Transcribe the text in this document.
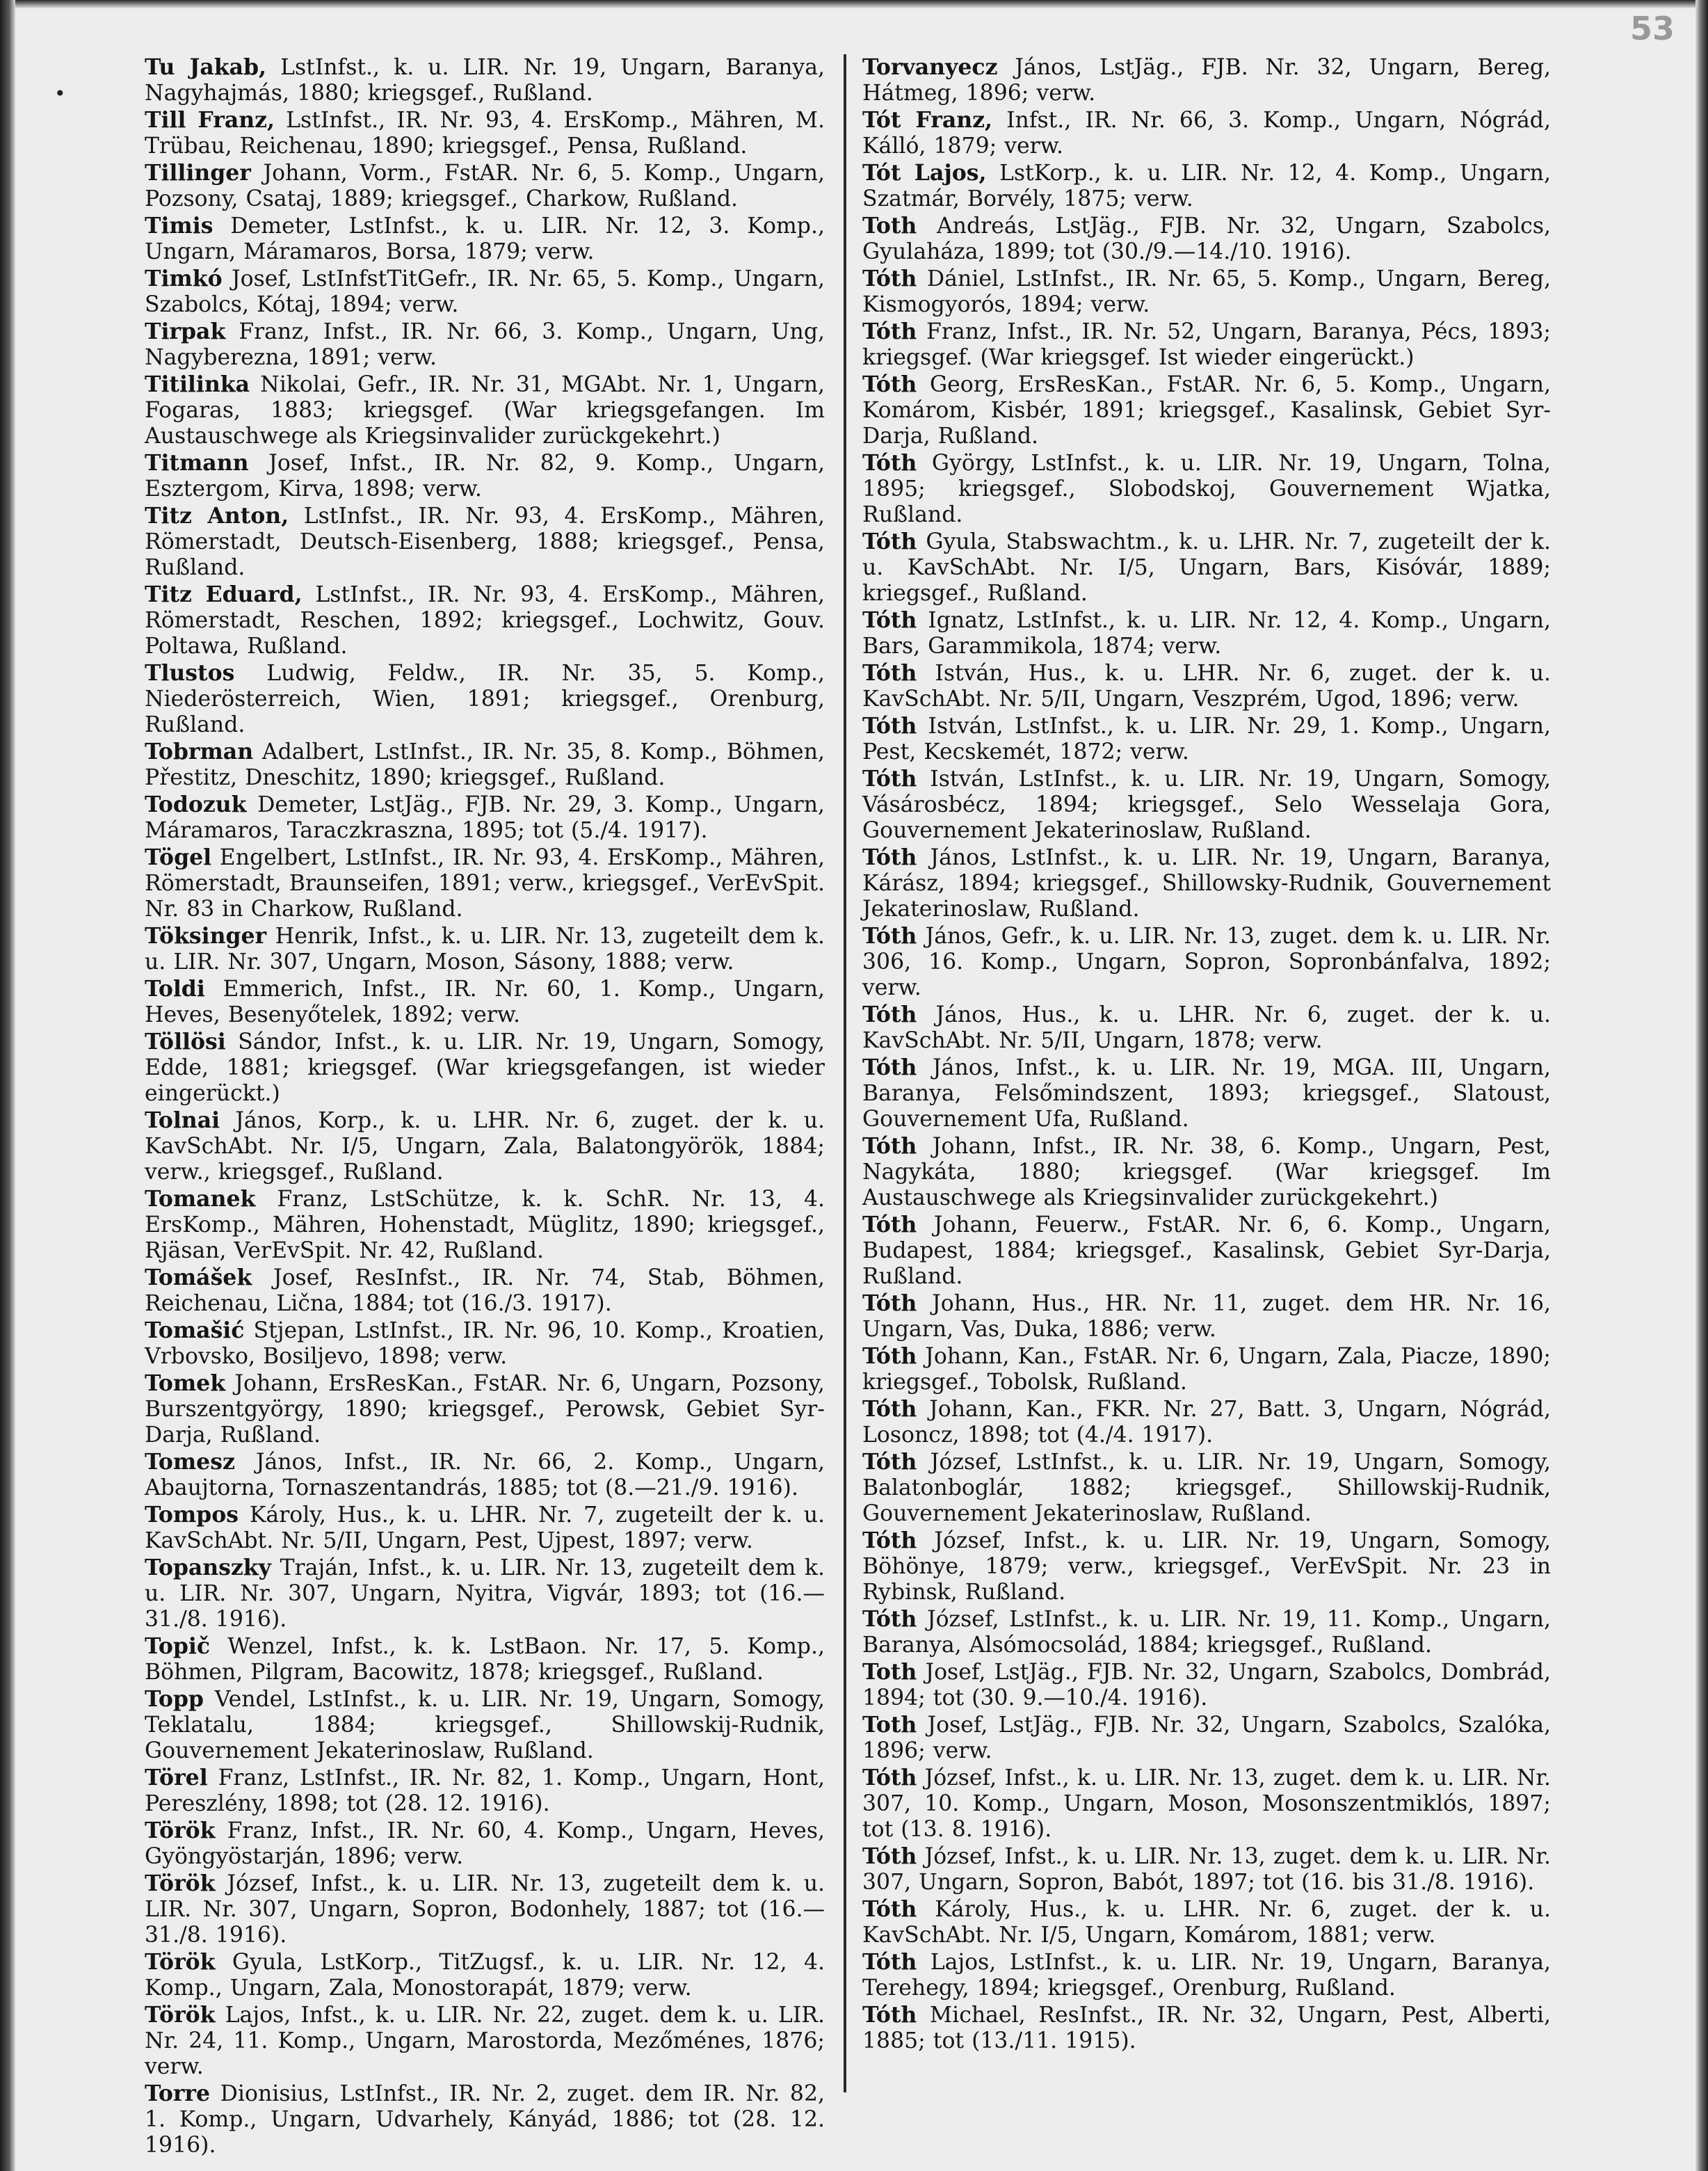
53
•
Tu Jakab, LstInfst., k. u. LIR. Nr. 19, Ungarn, Baranya, Nagyhajmás, 1880; kriegsgef., Rußland.
Till Franz, LstInfst., IR. Nr. 93, 4. ErsKomp., Mähren, M. Trübau, Reichenau, 1890; kriegsgef., Pensa, Rußland.
Tillinger Johann, Vorm., FstAR. Nr. 6, 5. Komp., Ungarn, Pozsony, Csataj, 1889; kriegsgef., Charkow, Rußland.
Timis Demeter, LstInfst., k. u. LIR. Nr. 12, 3. Komp., Ungarn, Máramaros, Borsa, 1879; verw.
Timkó Josef, LstInfstTitGefr., IR. Nr. 65, 5. Komp., Ungarn, Szabolcs, Kótaj, 1894; verw.
Tirpak Franz, Infst., IR. Nr. 66, 3. Komp., Ungarn, Ung, Nagyberezna, 1891; verw.
Titilinka Nikolai, Gefr., IR. Nr. 31, MGAbt. Nr. 1, Ungarn, Fogaras, 1883; kriegsgef. (War kriegsgefangen. Im Austauschwege als Kriegsinvalider zurückgekehrt.)
Titmann Josef, Infst., IR. Nr. 82, 9. Komp., Ungarn, Esztergom, Kirva, 1898; verw.
Titz Anton, LstInfst., IR. Nr. 93, 4. ErsKomp., Mähren, Römerstadt, Deutsch-Eisenberg, 1888; kriegsgef., Pensa, Rußland.
Titz Eduard, LstInfst., IR. Nr. 93, 4. ErsKomp., Mähren, Römerstadt, Reschen, 1892; kriegsgef., Lochwitz, Gouv. Poltawa, Rußland.
Tlustos Ludwig, Feldw., IR. Nr. 35, 5. Komp., Niederösterreich, Wien, 1891; kriegsgef., Orenburg, Rußland.
Tobrman Adalbert, LstInfst., IR. Nr. 35, 8. Komp., Böhmen, Přestitz, Dneschitz, 1890; kriegsgef., Rußland.
Todozuk Demeter, LstJäg., FJB. Nr. 29, 3. Komp., Ungarn, Máramaros, Taraczkraszna, 1895; tot (5./4. 1917).
Tögel Engelbert, LstInfst., IR. Nr. 93, 4. ErsKomp., Mähren, Römerstadt, Braunseifen, 1891; verw., kriegsgef., VerEvSpit. Nr. 83 in Charkow, Rußland.
Töksinger Henrik, Infst., k. u. LIR. Nr. 13, zugeteilt dem k. u. LIR. Nr. 307, Ungarn, Moson, Sásony, 1888; verw.
Toldi Emmerich, Infst., IR. Nr. 60, 1. Komp., Ungarn, Heves, Besenyőtelek, 1892; verw.
Töllösi Sándor, Infst., k. u. LIR. Nr. 19, Ungarn, Somogy, Edde, 1881; kriegsgef. (War kriegsgefangen, ist wieder eingerückt.)
Tolnai János, Korp., k. u. LHR. Nr. 6, zuget. der k. u. KavSchAbt. Nr. I/5, Ungarn, Zala, Balatongyörök, 1884; verw., kriegsgef., Rußland.
Tomanek Franz, LstSchütze, k. k. SchR. Nr. 13, 4. ErsKomp., Mähren, Hohenstadt, Müglitz, 1890; kriegsgef., Rjäsan, VerEvSpit. Nr. 42, Rußland.
Tomášek Josef, ResInfst., IR. Nr. 74, Stab, Böhmen, Reichenau, Lična, 1884; tot (16./3. 1917).
Tomašić Stjepan, LstInfst., IR. Nr. 96, 10. Komp., Kroatien, Vrbovsko, Bosiljevo, 1898; verw.
Tomek Johann, ErsResKan., FstAR. Nr. 6, Ungarn, Pozsony, Burszentgyörgy, 1890; kriegsgef., Perowsk, Gebiet Syr-Darja, Rußland.
Tomesz János, Infst., IR. Nr. 66, 2. Komp., Ungarn, Abaujtorna, Tornaszentandrás, 1885; tot (8.—21./9. 1916).
Tompos Károly, Hus., k. u. LHR. Nr. 7, zugeteilt der k. u. KavSchAbt. Nr. 5/II, Ungarn, Pest, Ujpest, 1897; verw.
Topanszky Traján, Infst., k. u. LIR. Nr. 13, zugeteilt dem k. u. LIR. Nr. 307, Ungarn, Nyitra, Vigvár, 1893; tot (16.—31./8. 1916).
Topič Wenzel, Infst., k. k. LstBaon. Nr. 17, 5. Komp., Böhmen, Pilgram, Bacowitz, 1878; kriegsgef., Rußland.
Topp Vendel, LstInfst., k. u. LIR. Nr. 19, Ungarn, Somogy, Teklatalu, 1884; kriegsgef., Shillowskij-Rudnik, Gouvernement Jekaterinoslaw, Rußland.
Törel Franz, LstInfst., IR. Nr. 82, 1. Komp., Ungarn, Hont, Pereszlény, 1898; tot (28. 12. 1916).
Török Franz, Infst., IR. Nr. 60, 4. Komp., Ungarn, Heves, Gyöngyöstarján, 1896; verw.
Török József, Infst., k. u. LIR. Nr. 13, zugeteilt dem k. u. LIR. Nr. 307, Ungarn, Sopron, Bodonhely, 1887; tot (16.—31./8. 1916).
Török Gyula, LstKorp., TitZugsf., k. u. LIR. Nr. 12, 4. Komp., Ungarn, Zala, Monostorapát, 1879; verw.
Török Lajos, Infst., k. u. LIR. Nr. 22, zuget. dem k. u. LIR. Nr. 24, 11. Komp., Ungarn, Marostorda, Mezőménes, 1876; verw.
Torre Dionisius, LstInfst., IR. Nr. 2, zuget. dem IR. Nr. 82, 1. Komp., Ungarn, Udvarhely, Kányád, 1886; tot (28. 12. 1916).
Torvanyecz János, LstJäg., FJB. Nr. 32, Ungarn, Bereg, Hátmeg, 1896; verw.
Tót Franz, Infst., IR. Nr. 66, 3. Komp., Ungarn, Nógrád, Kálló, 1879; verw.
Tót Lajos, LstKorp., k. u. LIR. Nr. 12, 4. Komp., Ungarn, Szatmár, Borvély, 1875; verw.
Toth Andreás, LstJäg., FJB. Nr. 32, Ungarn, Szabolcs, Gyulaháza, 1899; tot (30./9.—14./10. 1916).
Tóth Dániel, LstInfst., IR. Nr. 65, 5. Komp., Ungarn, Bereg, Kismogyorós, 1894; verw.
Tóth Franz, Infst., IR. Nr. 52, Ungarn, Baranya, Pécs, 1893; kriegsgef. (War kriegsgef. Ist wieder eingerückt.)
Tóth Georg, ErsResKan., FstAR. Nr. 6, 5. Komp., Ungarn, Komárom, Kisbér, 1891; kriegsgef., Kasalinsk, Gebiet Syr-Darja, Rußland.
Tóth György, LstInfst., k. u. LIR. Nr. 19, Ungarn, Tolna, 1895; kriegsgef., Slobodskoj, Gouvernement Wjatka, Rußland.
Tóth Gyula, Stabswachtm., k. u. LHR. Nr. 7, zugeteilt der k. u. KavSchAbt. Nr. I/5, Ungarn, Bars, Kisóvár, 1889; kriegsgef., Rußland.
Tóth Ignatz, LstInfst., k. u. LIR. Nr. 12, 4. Komp., Ungarn, Bars, Garammikola, 1874; verw.
Tóth István, Hus., k. u. LHR. Nr. 6, zuget. der k. u. KavSchAbt. Nr. 5/II, Ungarn, Veszprém, Ugod, 1896; verw.
Tóth István, LstInfst., k. u. LIR. Nr. 29, 1. Komp., Ungarn, Pest, Kecskemét, 1872; verw.
Tóth István, LstInfst., k. u. LIR. Nr. 19, Ungarn, Somogy, Vásárosbécz, 1894; kriegsgef., Selo Wesselaja Gora, Gouvernement Jekaterinoslaw, Rußland.
Tóth János, LstInfst., k. u. LIR. Nr. 19, Ungarn, Baranya, Kárász, 1894; kriegsgef., Shillowsky-Rudnik, Gouvernement Jekaterinoslaw, Rußland.
Tóth János, Gefr., k. u. LIR. Nr. 13, zuget. dem k. u. LIR. Nr. 306, 16. Komp., Ungarn, Sopron, Sopronbánfalva, 1892; verw.
Tóth János, Hus., k. u. LHR. Nr. 6, zuget. der k. u. KavSchAbt. Nr. 5/II, Ungarn, 1878; verw.
Tóth János, Infst., k. u. LIR. Nr. 19, MGA. III, Ungarn, Baranya, Felsőmindszent, 1893; kriegsgef., Slatoust, Gouvernement Ufa, Rußland.
Tóth Johann, Infst., IR. Nr. 38, 6. Komp., Ungarn, Pest, Nagykáta, 1880; kriegsgef. (War kriegsgef. Im Austauschwege als Kriegsinvalider zurückgekehrt.)
Tóth Johann, Feuerw., FstAR. Nr. 6, 6. Komp., Ungarn, Budapest, 1884; kriegsgef., Kasalinsk, Gebiet Syr-Darja, Rußland.
Tóth Johann, Hus., HR. Nr. 11, zuget. dem HR. Nr. 16, Ungarn, Vas, Duka, 1886; verw.
Tóth Johann, Kan., FstAR. Nr. 6, Ungarn, Zala, Piacze, 1890; kriegsgef., Tobolsk, Rußland.
Tóth Johann, Kan., FKR. Nr. 27, Batt. 3, Ungarn, Nógrád, Losoncz, 1898; tot (4./4. 1917).
Tóth József, LstInfst., k. u. LIR. Nr. 19, Ungarn, Somogy, Balatonboglár, 1882; kriegsgef., Shillowskij-Rudnik, Gouvernement Jekaterinoslaw, Rußland.
Tóth József, Infst., k. u. LIR. Nr. 19, Ungarn, Somogy, Böhönye, 1879; verw., kriegsgef., VerEvSpit. Nr. 23 in Rybinsk, Rußland.
Tóth József, LstInfst., k. u. LIR. Nr. 19, 11. Komp., Ungarn, Baranya, Alsómocsolád, 1884; kriegsgef., Rußland.
Toth Josef, LstJäg., FJB. Nr. 32, Ungarn, Szabolcs, Dombrád, 1894; tot (30. 9.—10./4. 1916).
Toth Josef, LstJäg., FJB. Nr. 32, Ungarn, Szabolcs, Szalóka, 1896; verw.
Tóth József, Infst., k. u. LIR. Nr. 13, zuget. dem k. u. LIR. Nr. 307, 10. Komp., Ungarn, Moson, Mosonszentmiklós, 1897; tot (13. 8. 1916).
Tóth József, Infst., k. u. LIR. Nr. 13, zuget. dem k. u. LIR. Nr. 307, Ungarn, Sopron, Babót, 1897; tot (16. bis 31./8. 1916).
Tóth Károly, Hus., k. u. LHR. Nr. 6, zuget. der k. u. KavSchAbt. Nr. I/5, Ungarn, Komárom, 1881; verw.
Tóth Lajos, LstInfst., k. u. LIR. Nr. 19, Ungarn, Baranya, Terehegy, 1894; kriegsgef., Orenburg, Rußland.
Tóth Michael, ResInfst., IR. Nr. 32, Ungarn, Pest, Alberti, 1885; tot (13./11. 1915).
